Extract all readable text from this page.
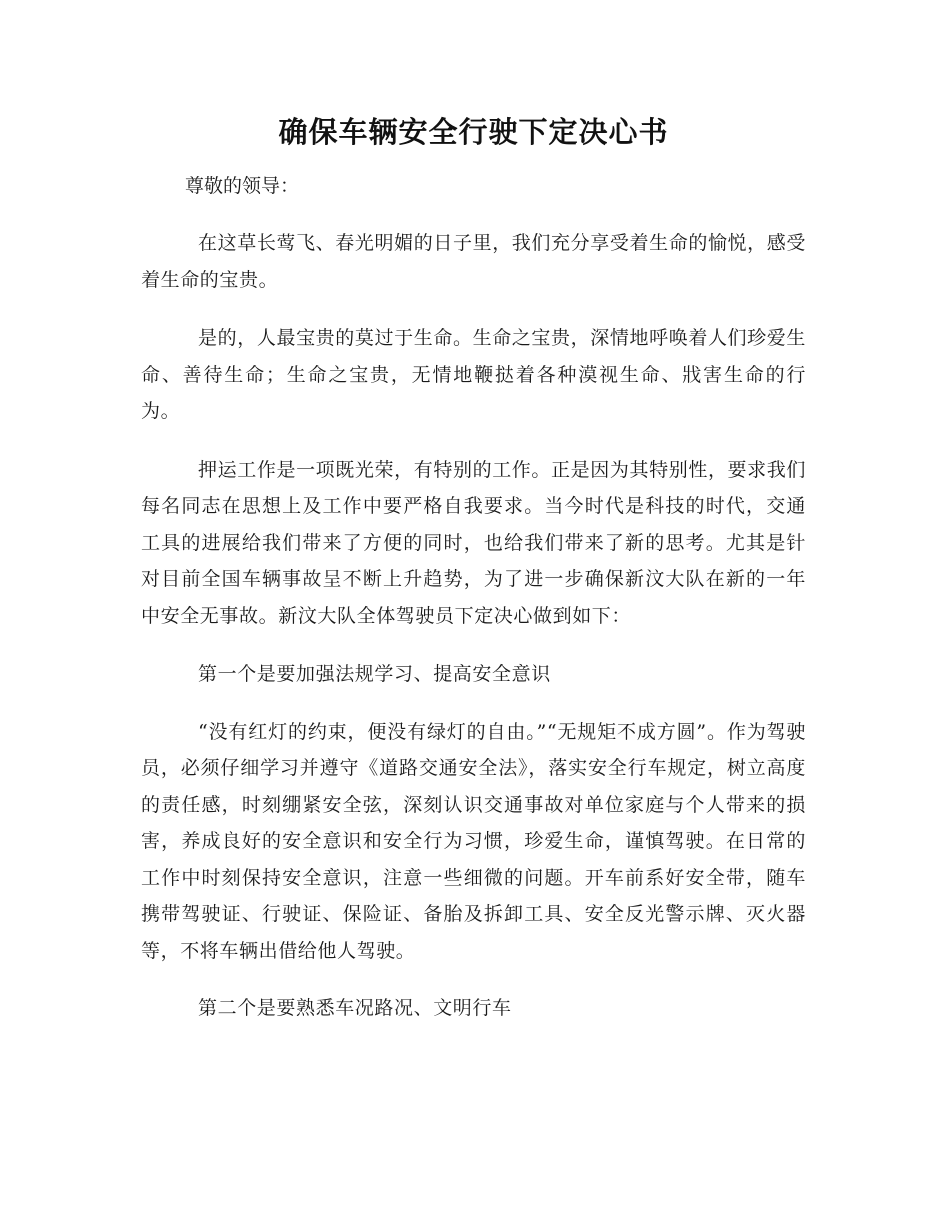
确保车辆安全行驶下定决心书

尊敬的领导：

在这草长莺飞、春光明媚的日子里，我们充分享受着生命的愉悦，感受着生命的宝贵。

是的，人最宝贵的莫过于生命。生命之宝贵，深情地呼唤着人们珍爱生命、善待生命；生命之宝贵，无情地鞭挞着各种漠视生命、戕害生命的行为。

押运工作是一项既光荣，有特别的工作。正是因为其特别性，要求我们每名同志在思想上及工作中要严格自我要求。当今时代是科技的时代，交通工具的进展给我们带来了方便的同时，也给我们带来了新的思考。尤其是针对目前全国车辆事故呈不断上升趋势，为了进一步确保新汶大队在新的一年中安全无事故。新汶大队全体驾驶员下定决心做到如下：

第一个是要加强法规学习、提高安全意识

“没有红灯的约束，便没有绿灯的自由。”“无规矩不成方圆”。作为驾驶员，必须仔细学习并遵守《道路交通安全法》，落实安全行车规定，树立高度的责任感，时刻绷紧安全弦，深刻认识交通事故对单位家庭与个人带来的损害，养成良好的安全意识和安全行为习惯，珍爱生命，谨慎驾驶。在日常的工作中时刻保持安全意识，注意一些细微的问题。开车前系好安全带，随车携带驾驶证、行驶证、保险证、备胎及拆卸工具、安全反光警示牌、灭火器等，不将车辆出借给他人驾驶。

第二个是要熟悉车况路况、文明行车
